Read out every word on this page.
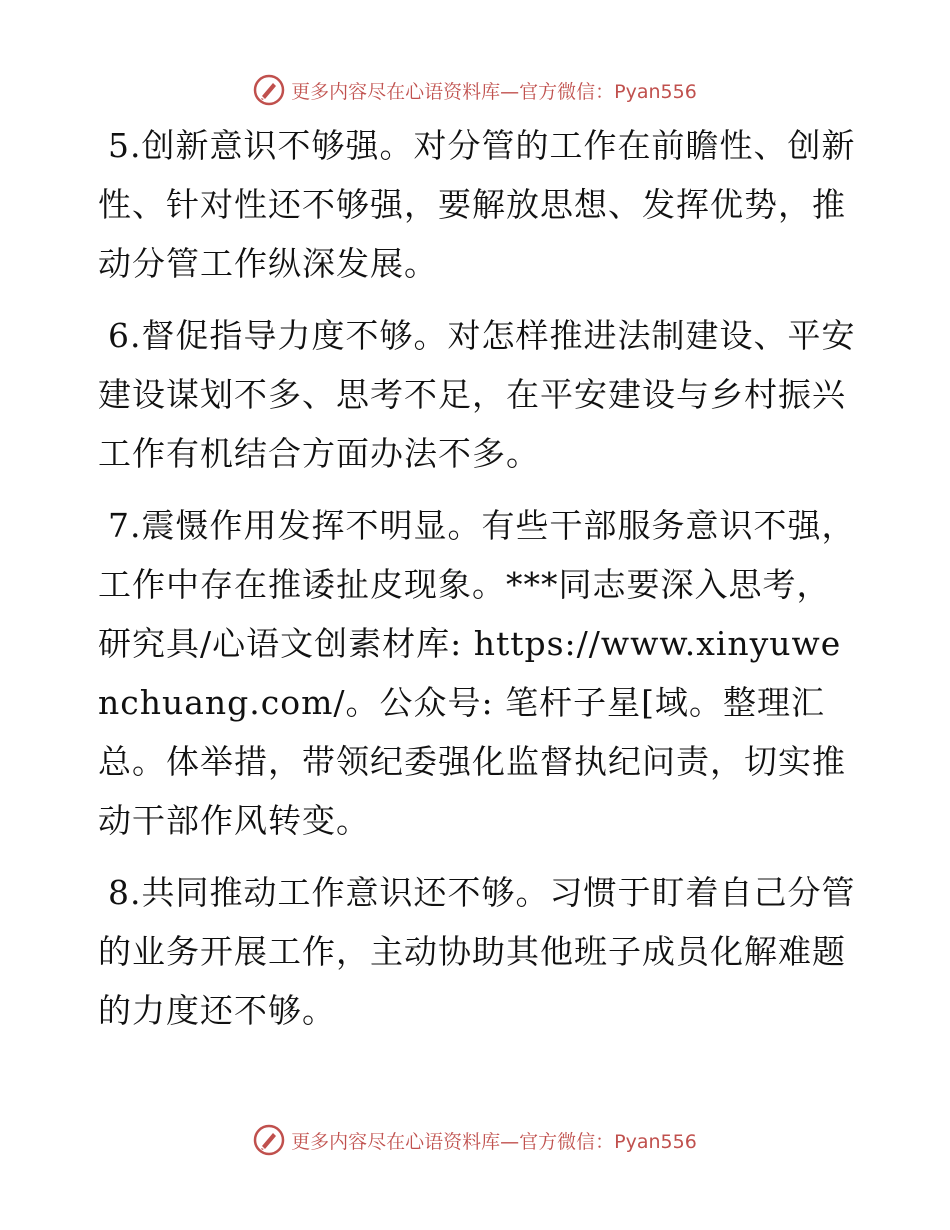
更多内容尽在心语资料库—官方微信：Pyan556

5.创新意识不够强。对分管的工作在前瞻性、创新性、针对性还不够强，要解放思想、发挥优势，推动分管工作纵深发展。

6.督促指导力度不够。对怎样推进法制建设、平安建设谋划不多、思考不足，在平安建设与乡村振兴工作有机结合方面办法不多。

7.震慑作用发挥不明显。有些干部服务意识不强，工作中存在推诿扯皮现象。***同志要深入思考，研究具/心语文创素材库: https://www.xinyuwenchuang.com/。公众号: 笔杆子星[域。整理汇总。体举措，带领纪委强化监督执纪问责，切实推动干部作风转变。

8.共同推动工作意识还不够。习惯于盯着自己分管的业务开展工作，主动协助其他班子成员化解难题的力度还不够。

更多内容尽在心语资料库—官方微信：Pyan556
